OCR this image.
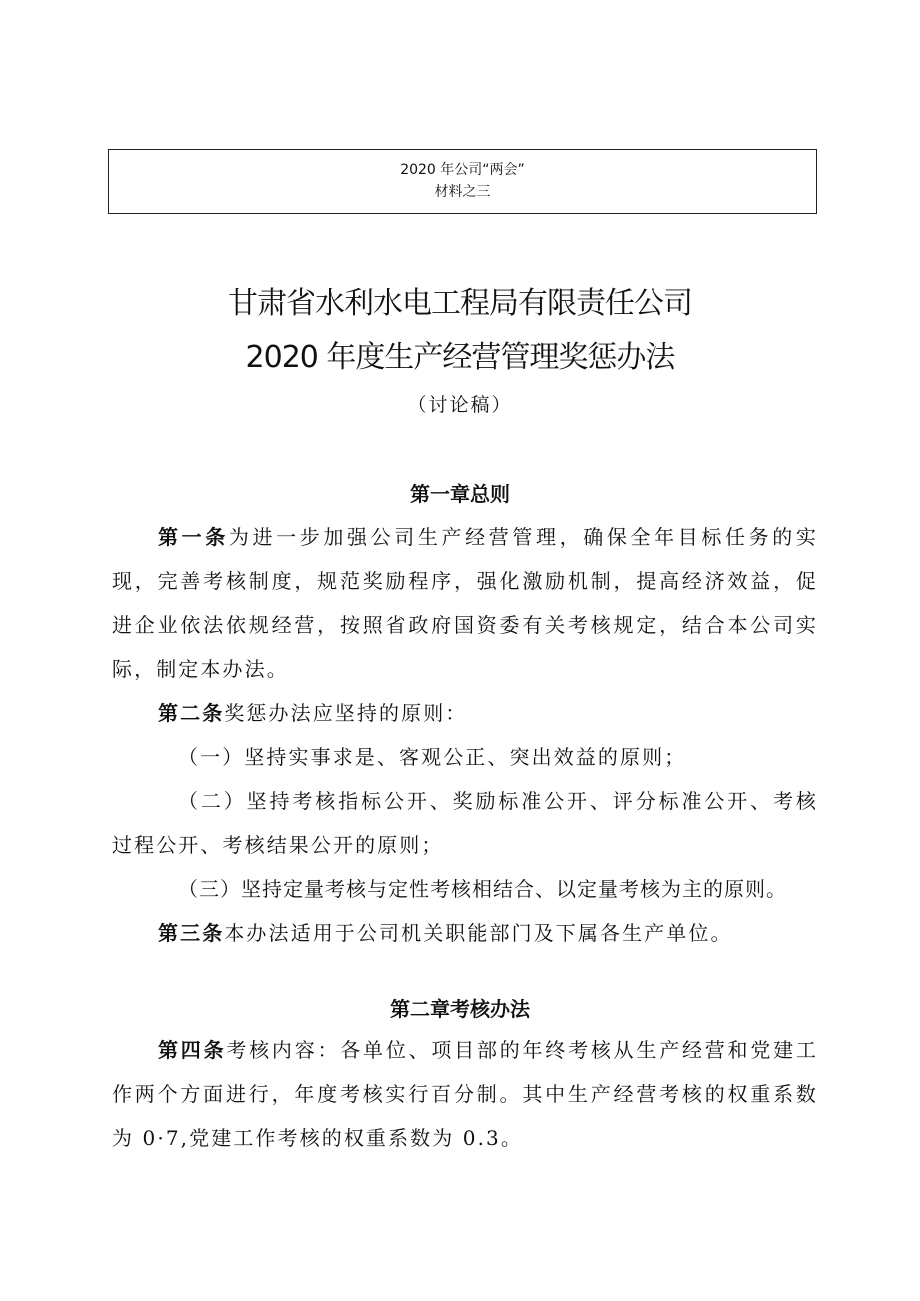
2020 年公司“两会”
材料之三
甘肃省水利水电工程局有限责任公司
2020 年度生产经营管理奖惩办法
（讨论稿）
第一章总则
第一条为进一步加强公司生产经营管理，确保全年目标任务的实现，完善考核制度，规范奖励程序，强化激励机制，提高经济效益，促进企业依法依规经营，按照省政府国资委有关考核规定，结合本公司实际，制定本办法。
第二条奖惩办法应坚持的原则：
（一）坚持实事求是、客观公正、突出效益的原则；
（二）坚持考核指标公开、奖励标准公开、评分标准公开、考核过程公开、考核结果公开的原则；
（三）坚持定量考核与定性考核相结合、以定量考核为主的原则。
第三条本办法适用于公司机关职能部门及下属各生产单位。
第二章考核办法
第四条考核内容：各单位、项目部的年终考核从生产经营和党建工作两个方面进行，年度考核实行百分制。其中生产经营考核的权重系数为 0·7,党建工作考核的权重系数为 0.3。
